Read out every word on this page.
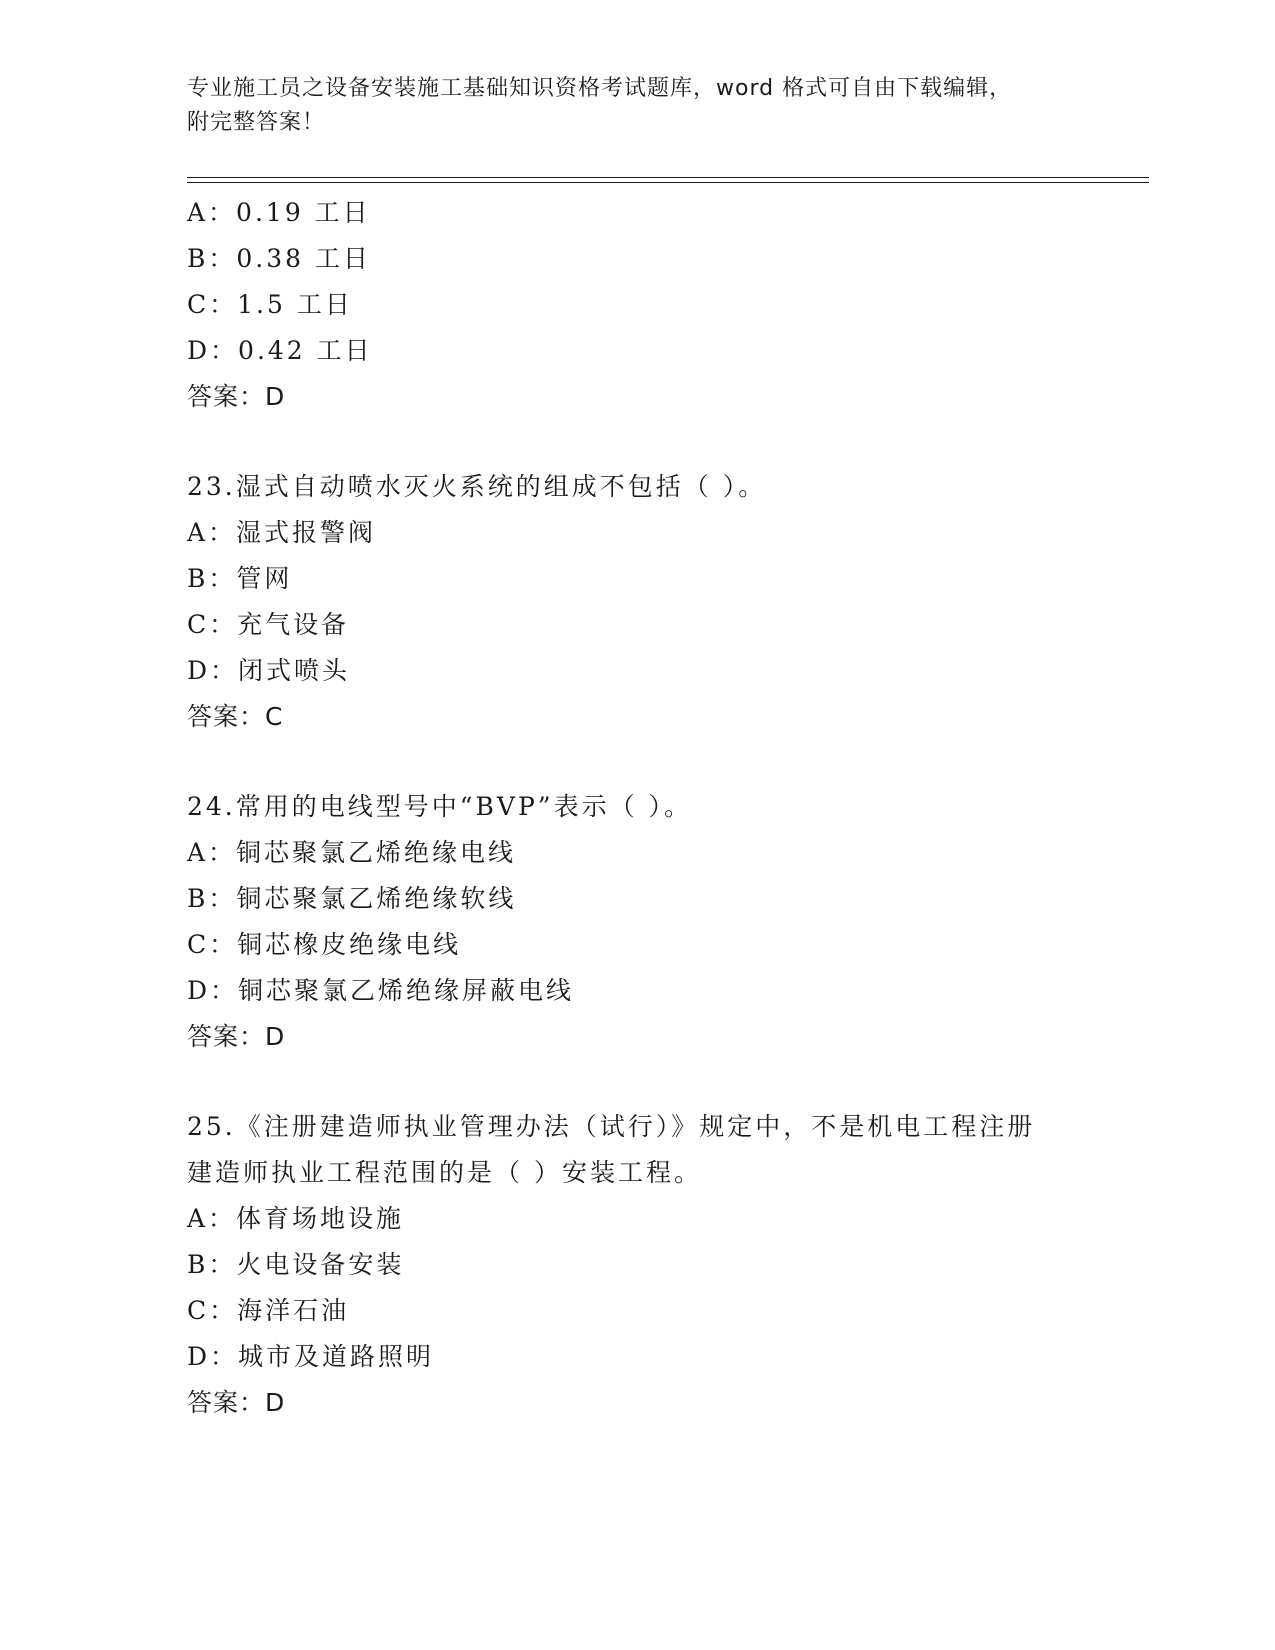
专业施工员之设备安装施工基础知识资格考试题库，word 格式可自由下载编辑，
附完整答案！
A：0.19 工日
B：0.38 工日
C：1.5 工日
D：0.42 工日
答案：D
23.湿式自动喷水灭火系统的组成不包括（ ）。
A：湿式报警阀
B：管网
C：充气设备
D：闭式喷头
答案：C
24.常用的电线型号中“BVP”表示（ ）。
A：铜芯聚氯乙烯绝缘电线
B：铜芯聚氯乙烯绝缘软线
C：铜芯橡皮绝缘电线
D：铜芯聚氯乙烯绝缘屏蔽电线
答案：D
25.《注册建造师执业管理办法（试行）》规定中，不是机电工程注册
建造师执业工程范围的是（ ）安装工程。
A：体育场地设施
B：火电设备安装
C：海洋石油
D：城市及道路照明
答案：D
